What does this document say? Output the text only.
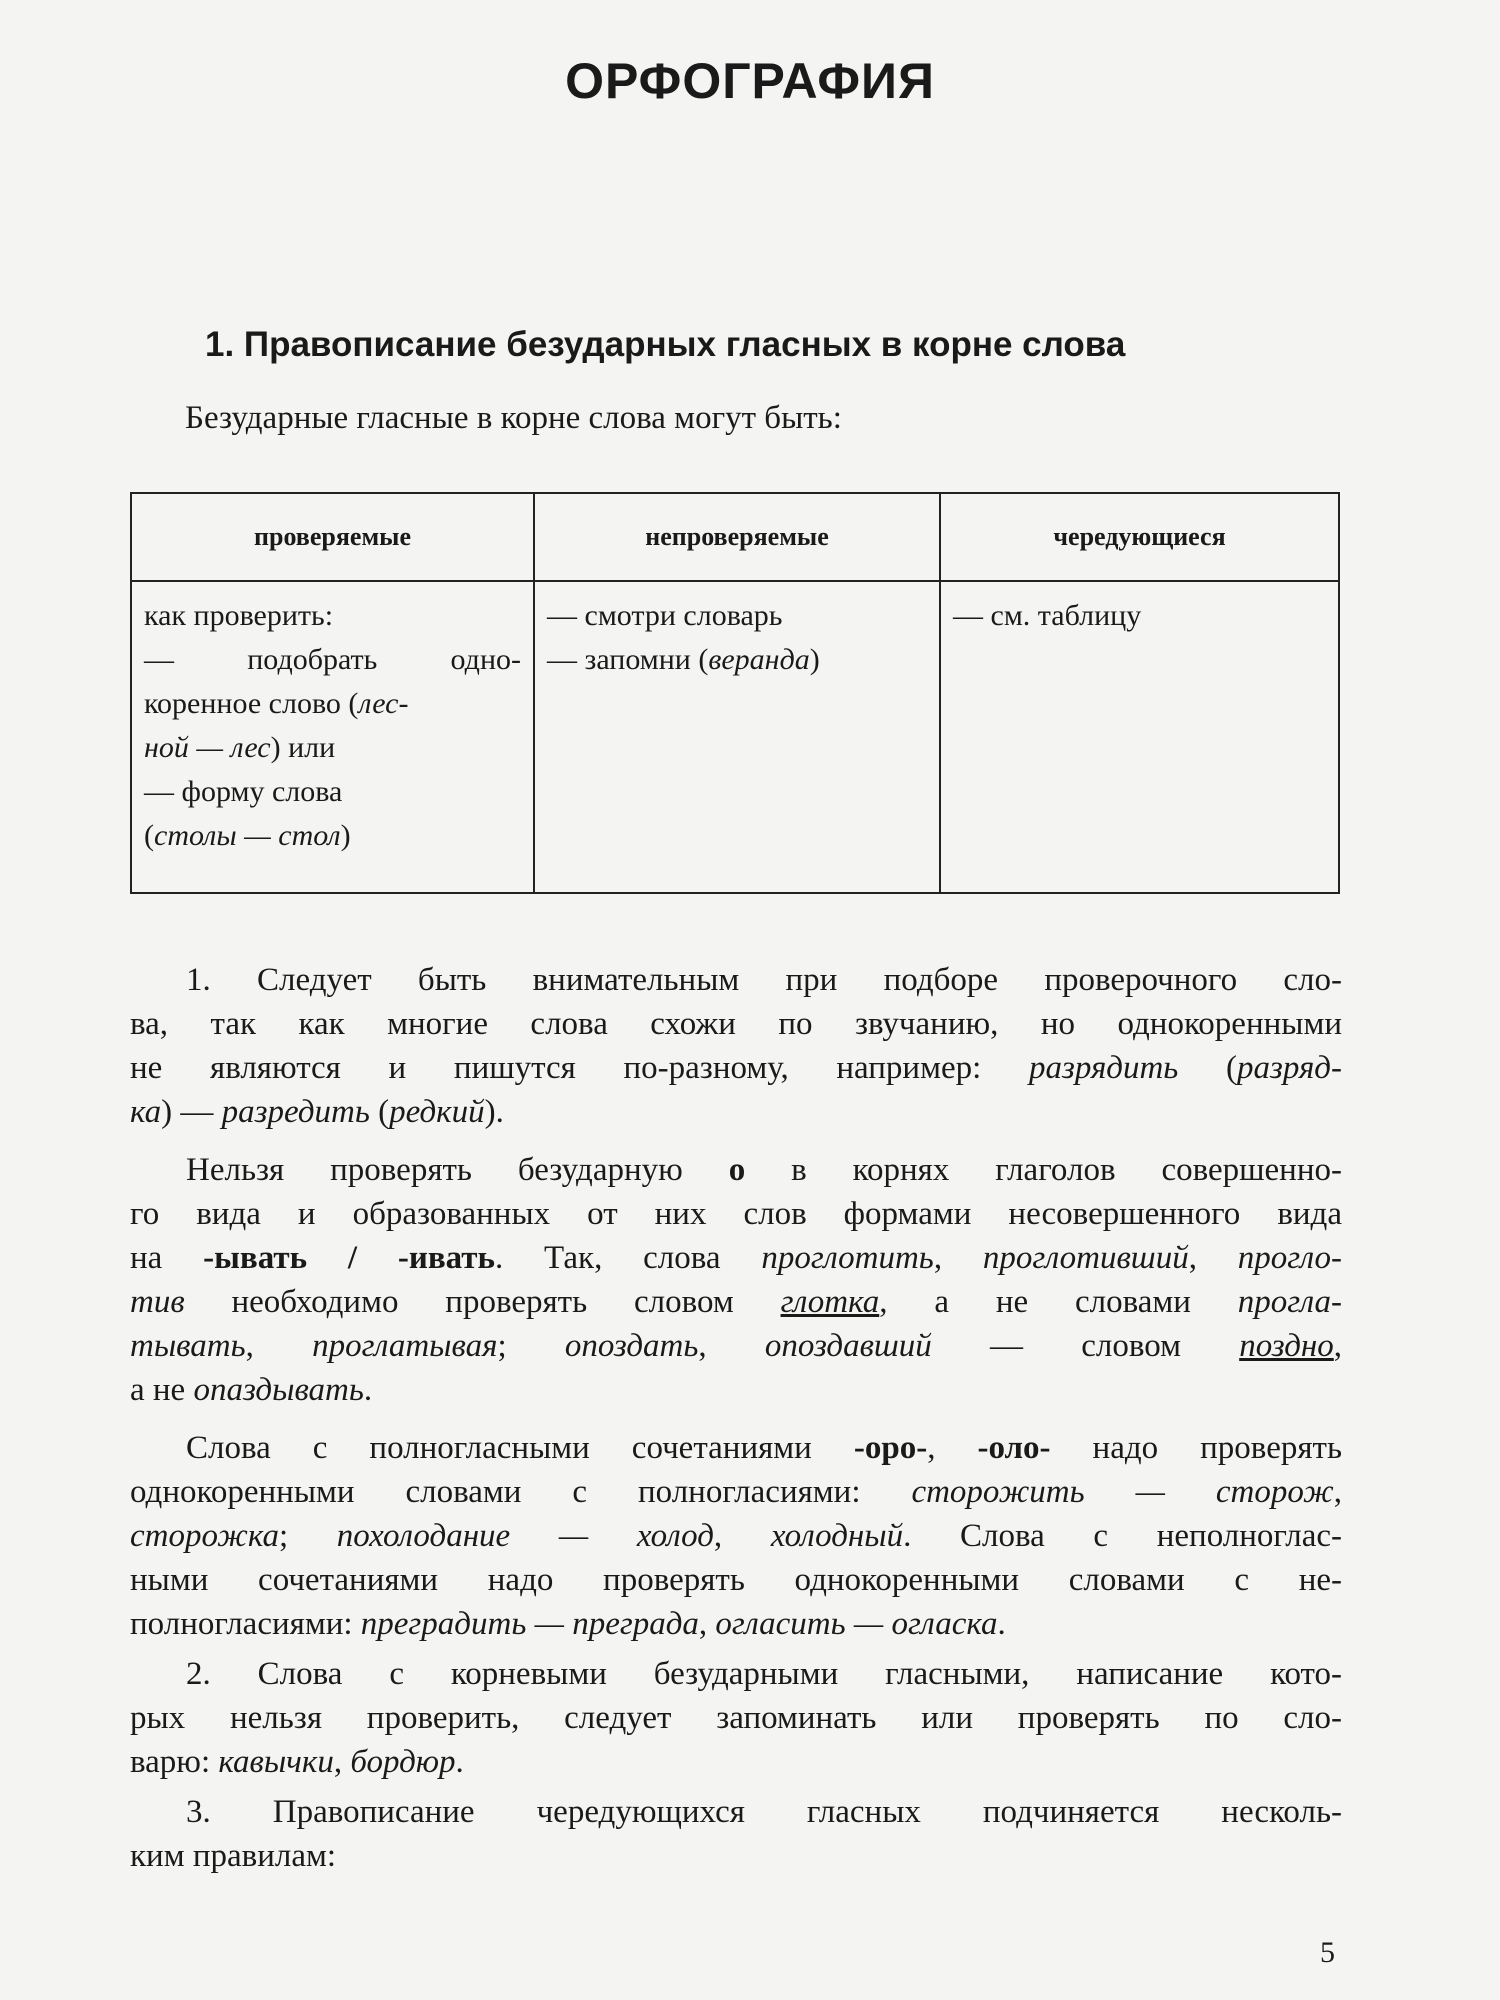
ОРФОГРАФИЯ
1. Правописание безударных гласных в корне слова
Безударные гласные в корне слова могут быть:
проверяемые
как проверить:
— подобрать одно-
коренное слово (лес-
ной — лес) или
— форму слова
(столы — стол)
непроверяемые
— смотри словарь
— запомни (веранда)
чередующиеся
— см. таблицу
1. Следует быть внимательным при подборе проверочного сло-
ва, так как многие слова схожи по звучанию, но однокоренными
не являются и пишутся по-разному, например: разрядить (разряд-
ка) — разредить (редкий).
Нельзя проверять безударную о в корнях глаголов совершенно-
го вида и образованных от них слов формами несовершенного вида
на -ывать / -ивать. Так, слова проглотить, проглотивший, прогло-
тив необходимо проверять словом глотка, а не словами прогла-
тывать, проглатывая; опоздать, опоздавший — словом поздно,
а не опаздывать.
Слова с полногласными сочетаниями -оро-, -оло- надо проверять
однокоренными словами с полногласиями: сторожить — сторож,
сторожка; похолодание — холод, холодный. Слова с неполноглас-
ными сочетаниями надо проверять однокоренными словами с не-
полногласиями: преградить — преграда, огласить — огласка.
2. Слова с корневыми безударными гласными, написание кото-
рых нельзя проверить, следует запоминать или проверять по сло-
варю: кавычки, бордюр.
3. Правописание чередующихся гласных подчиняется несколь-
ким правилам:
5
